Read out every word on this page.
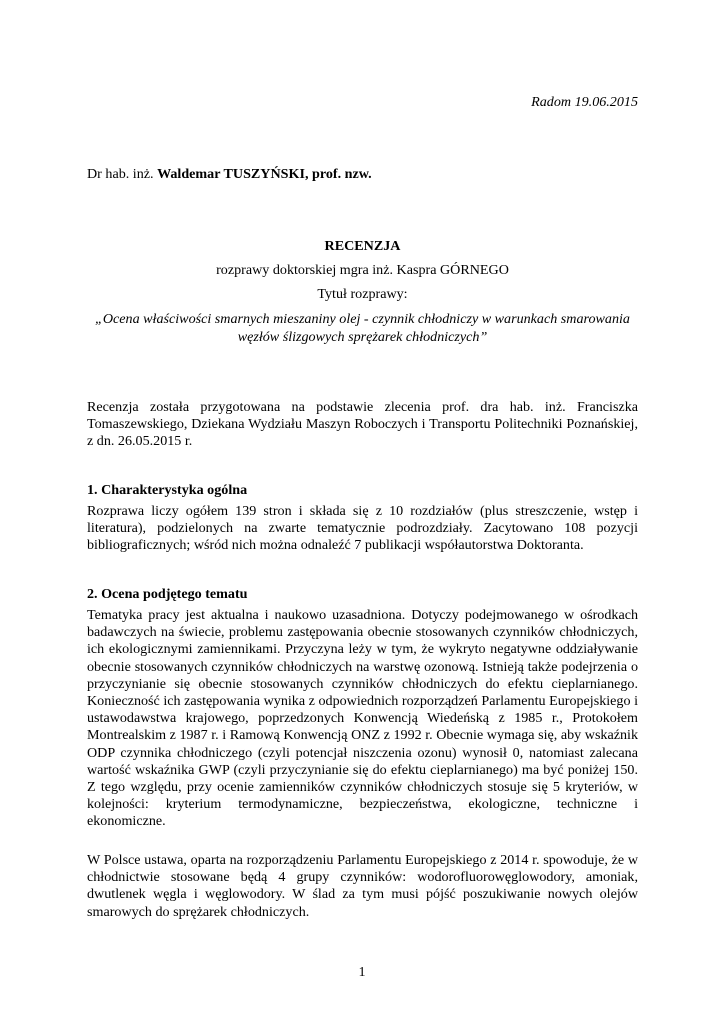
Radom 19.06.2015
Dr hab. inż. Waldemar TUSZYŃSKI, prof. nzw.
RECENZJA
rozprawy doktorskiej mgra inż. Kaspra GÓRNEGO
Tytuł rozprawy:
„Ocena właściwości smarnych mieszaniny olej - czynnik chłodniczy w warunkach smarowania węzłów ślizgowych sprężarek chłodniczych”

Recenzja została przygotowana na podstawie zlecenia prof. dra hab. inż. Franciszka Tomaszewskiego, Dziekana Wydziału Maszyn Roboczych i Transportu Politechniki Poznańskiej, z dn. 26.05.2015 r.

1. Charakterystyka ogólna

Rozprawa liczy ogółem 139 stron i składa się z 10 rozdziałów (plus streszczenie, wstęp i literatura), podzielonych na zwarte tematycznie podrozdziały. Zacytowano 108 pozycji bibliograficznych; wśród nich można odnaleźć 7 publikacji współautorstwa Doktoranta.

2. Ocena podjętego tematu

Tematyka pracy jest aktualna i naukowo uzasadniona. Dotyczy podejmowanego w ośrodkach badawczych na świecie, problemu zastępowania obecnie stosowanych czynników chłodniczych, ich ekologicznymi zamiennikami. Przyczyna leży w tym, że wykryto negatywne oddziaływanie obecnie stosowanych czynników chłodniczych na warstwę ozonową. Istnieją także podejrzenia o przyczynianie się obecnie stosowanych czynników chłodniczych do efektu cieplarnianego. Konieczność ich zastępowania wynika z odpowiednich rozporządzeń Parlamentu Europejskiego i ustawodawstwa krajowego, poprzedzonych Konwencją Wiedeńską z 1985 r., Protokołem Montrealskim z 1987 r. i Ramową Konwencją ONZ z 1992 r. Obecnie wymaga się, aby wskaźnik ODP czynnika chłodniczego (czyli potencjał niszczenia ozonu) wynosił 0, natomiast zalecana wartość wskaźnika GWP (czyli przyczynianie się do efektu cieplarnianego) ma być poniżej 150. Z tego względu, przy ocenie zamienników czynników chłodniczych stosuje się 5 kryteriów, w kolejności: kryterium termodynamiczne, bezpieczeństwa, ekologiczne, techniczne i ekonomiczne.

W Polsce ustawa, oparta na rozporządzeniu Parlamentu Europejskiego z 2014 r. spowoduje, że w chłodnictwie stosowane będą 4 grupy czynników: wodorofluorowęglowodory, amoniak, dwutlenek węgla i węglowodory. W ślad za tym musi pójść poszukiwanie nowych olejów smarowych do sprężarek chłodniczych.

1
